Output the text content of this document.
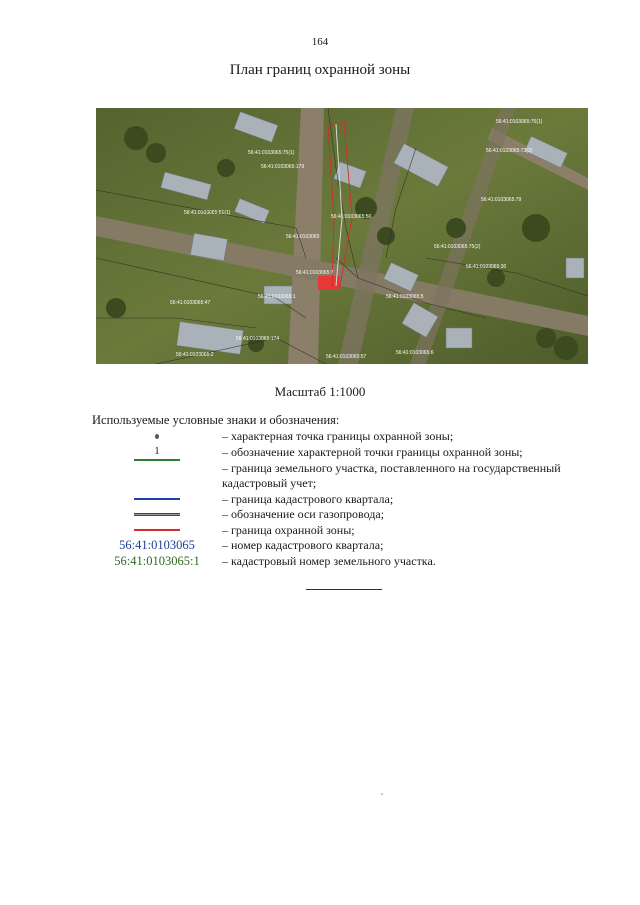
164
План границ охранной зоны
56:41:0103065:75(1)	56:41:0103065:73(2)
56:41:0103065:179
56:41:0103065:75(1)
56:41:0103065:51(1)
56:41:0103065
56:41:0103065:50
56:41:0103065:7
56:41:0103065:75(2)
56:41:0103065:30
56:41:0103065:1
56:41:0103065:174
56:41:0103065:2	56:41:0103065:57
56:41:0103065:6
56:41:0103065:79
56:41:0103065:5
56:41:0103065:47
Масштаб 1:1000
Используемые условные знаки и обозначения:
– характерная точка границы охранной зоны;
1	– обозначение характерной точки границы охранной зоны;
– граница земельного участка, поставленного на государственный кадастровый учет;
– граница кадастрового квартала;
– обозначение оси газопровода;
– граница охранной зоны;
56:41:0103065 – номер кадастрового квартала;
56:41:0103065:1 – кадастровый номер земельного участка.
